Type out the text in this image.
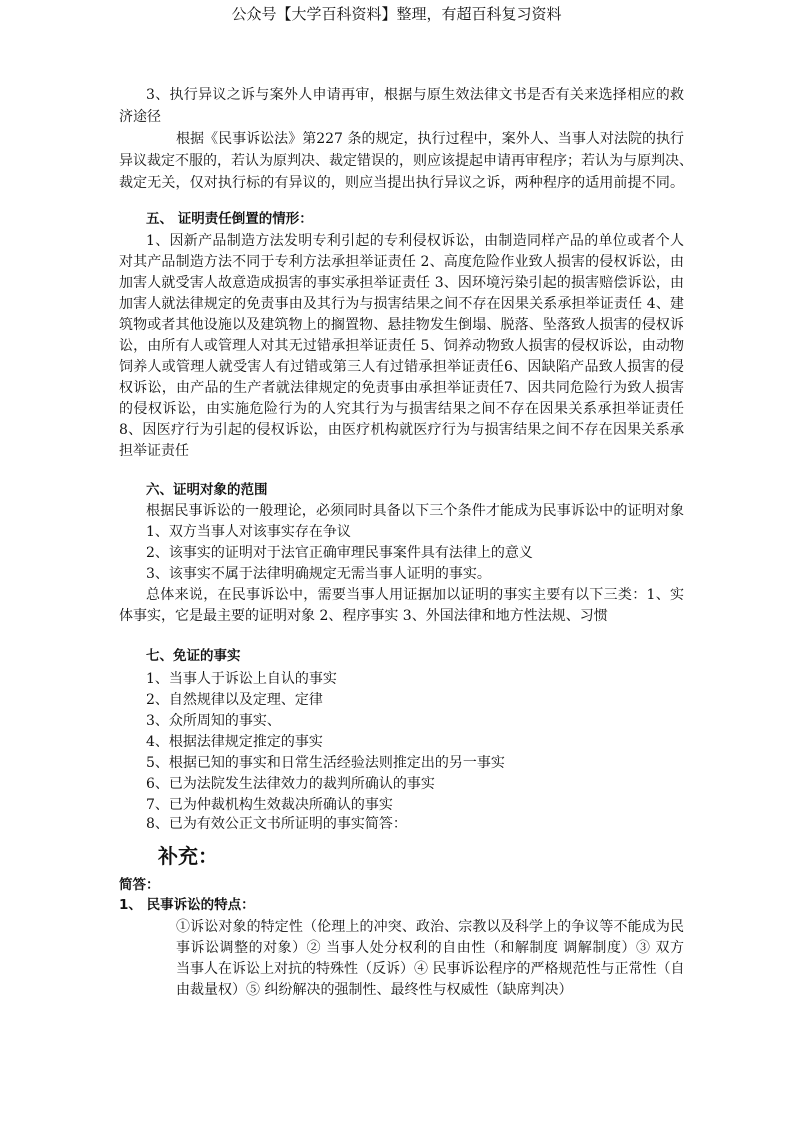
公众号【大学百科资料】整理，有超百科复习资料
3、执行异议之诉与案外人申请再审，根据与原生效法律文书是否有关来选择相应的救
济途径
根据《民事诉讼法》第227 条的规定，执行过程中，案外人、当事人对法院的执行
异议裁定不服的，若认为原判决、裁定错误的，则应该提起申请再审程序；若认为与原判决、
裁定无关，仅对执行标的有异议的，则应当提出执行异议之诉，两种程序的适用前提不同。
五、 证明责任倒置的情形：
1、因新产品制造方法发明专利引起的专利侵权诉讼，由制造同样产品的单位或者个人
对其产品制造方法不同于专利方法承担举证责任 2、高度危险作业致人损害的侵权诉讼，由
加害人就受害人故意造成损害的事实承担举证责任 3、因环境污染引起的损害赔偿诉讼，由
加害人就法律规定的免责事由及其行为与损害结果之间不存在因果关系承担举证责任 4、建
筑物或者其他设施以及建筑物上的搁置物、悬挂物发生倒塌、脱落、坠落致人损害的侵权诉
讼，由所有人或管理人对其无过错承担举证责任 5、饲养动物致人损害的侵权诉讼，由动物
饲养人或管理人就受害人有过错或第三人有过错承担举证责任6、因缺陷产品致人损害的侵
权诉讼，由产品的生产者就法律规定的免责事由承担举证责任7、因共同危险行为致人损害
的侵权诉讼，由实施危险行为的人究其行为与损害结果之间不存在因果关系承担举证责任
8、因医疗行为引起的侵权诉讼，由医疗机构就医疗行为与损害结果之间不存在因果关系承
担举证责任
六、证明对象的范围
根据民事诉讼的一般理论，必须同时具备以下三个条件才能成为民事诉讼中的证明对象
1、双方当事人对该事实存在争议
2、该事实的证明对于法官正确审理民事案件具有法律上的意义
3、该事实不属于法律明确规定无需当事人证明的事实。
总体来说，在民事诉讼中，需要当事人用证据加以证明的事实主要有以下三类：1、实
体事实，它是最主要的证明对象 2、程序事实 3、外国法律和地方性法规、习惯
七、免证的事实
1、当事人于诉讼上自认的事实
2、自然规律以及定理、定律
3、众所周知的事实、
4、根据法律规定推定的事实
5、根据已知的事实和日常生活经验法则推定出的另一事实
6、已为法院发生法律效力的裁判所确认的事实
7、已为仲裁机构生效裁决所确认的事实
8、已为有效公正文书所证明的事实简答：
补充：
简答：
1、 民事诉讼的特点：
①诉讼对象的特定性（伦理上的冲突、政治、宗教以及科学上的争议等不能成为民
事诉讼调整的对象）② 当事人处分权利的自由性（和解制度 调解制度）③ 双方
当事人在诉讼上对抗的特殊性（反诉）④ 民事诉讼程序的严格规范性与正常性（自
由裁量权）⑤ 纠纷解决的强制性、最终性与权威性（缺席判决）
